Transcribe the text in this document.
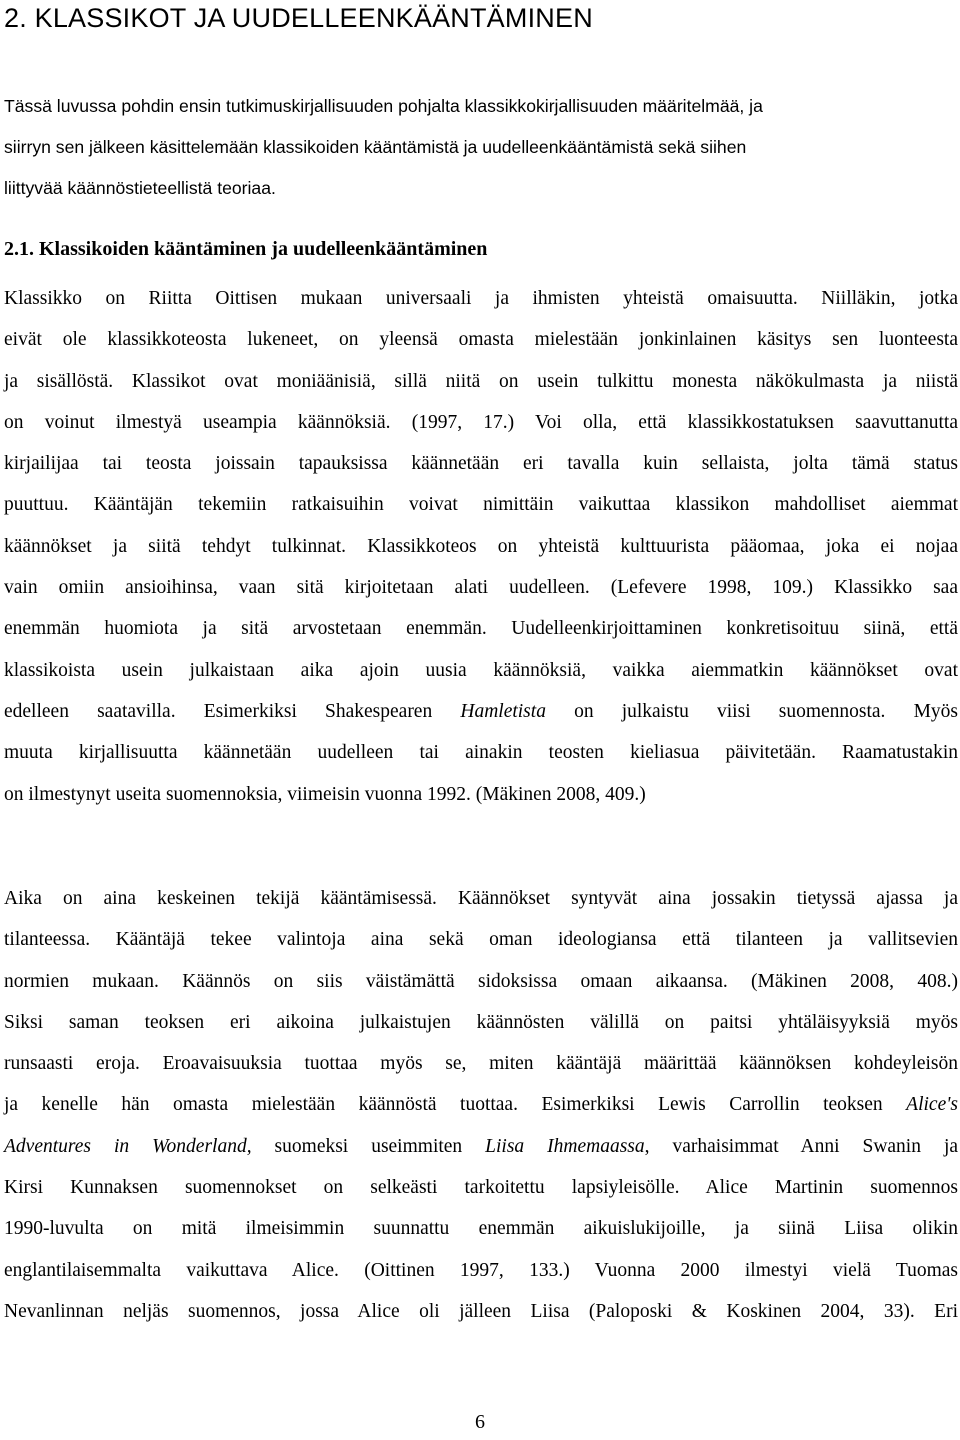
2. KLASSIKOT JA UUDELLEENKÄÄNTÄMINEN
Tässä luvussa pohdin ensin tutkimuskirjallisuuden pohjalta klassikkokirjallisuuden määritelmää, ja
siirryn sen jälkeen käsittelemään klassikoiden kääntämistä ja uudelleenkääntämistä sekä siihen
liittyvää käännöstieteellistä teoriaa.
2.1. Klassikoiden kääntäminen ja uudelleenkääntäminen
Klassikko on Riitta Oittisen mukaan universaali ja ihmisten yhteistä omaisuutta. Niilläkin, jotka
eivät ole klassikkoteosta lukeneet, on yleensä omasta mielestään jonkinlainen käsitys sen luonteesta
ja sisällöstä. Klassikot ovat moniäänisiä, sillä niitä on usein tulkittu monesta näkökulmasta ja niistä
on voinut ilmestyä useampia käännöksiä. (1997, 17.) Voi olla, että klassikkostatuksen saavuttanutta
kirjailijaa tai teosta joissain tapauksissa käännetään eri tavalla kuin sellaista, jolta tämä status
puuttuu. Kääntäjän tekemiin ratkaisuihin voivat nimittäin vaikuttaa klassikon mahdolliset aiemmat
käännökset ja siitä tehdyt tulkinnat. Klassikkoteos on yhteistä kulttuurista pääomaa, joka ei nojaa
vain omiin ansioihinsa, vaan sitä kirjoitetaan alati uudelleen. (Lefevere 1998, 109.) Klassikko saa
enemmän huomiota ja sitä arvostetaan enemmän. Uudelleenkirjoittaminen konkretisoituu siinä, että
klassikoista usein julkaistaan aika ajoin uusia käännöksiä, vaikka aiemmatkin käännökset ovat
edelleen saatavilla. Esimerkiksi Shakespearen Hamletista on julkaistu viisi suomennosta. Myös
muuta kirjallisuutta käännetään uudelleen tai ainakin teosten kieliasua päivitetään. Raamatustakin
on ilmestynyt useita suomennoksia, viimeisin vuonna 1992. (Mäkinen 2008, 409.)
Aika on aina keskeinen tekijä kääntämisessä. Käännökset syntyvät aina jossakin tietyssä ajassa ja
tilanteessa. Kääntäjä tekee valintoja aina sekä oman ideologiansa että tilanteen ja vallitsevien
normien mukaan. Käännös on siis väistämättä sidoksissa omaan aikaansa. (Mäkinen 2008, 408.)
Siksi saman teoksen eri aikoina julkaistujen käännösten välillä on paitsi yhtäläisyyksiä myös
runsaasti eroja. Eroavaisuuksia tuottaa myös se, miten kääntäjä määrittää käännöksen kohdeyleisön
ja kenelle hän omasta mielestään käännöstä tuottaa. Esimerkiksi Lewis Carrollin teoksen Alice's
Adventures in Wonderland, suomeksi useimmiten Liisa Ihmemaassa, varhaisimmat Anni Swanin ja
Kirsi Kunnaksen suomennokset on selkeästi tarkoitettu lapsiyleisölle. Alice Martinin suomennos
1990-luvulta on mitä ilmeisimmin suunnattu enemmän aikuislukijoille, ja siinä Liisa olikin
englantilaisemmalta vaikuttava Alice. (Oittinen 1997, 133.) Vuonna 2000 ilmestyi vielä Tuomas
Nevanlinnan neljäs suomennos, jossa Alice oli jälleen Liisa (Paloposki & Koskinen 2004, 33). Eri
6
